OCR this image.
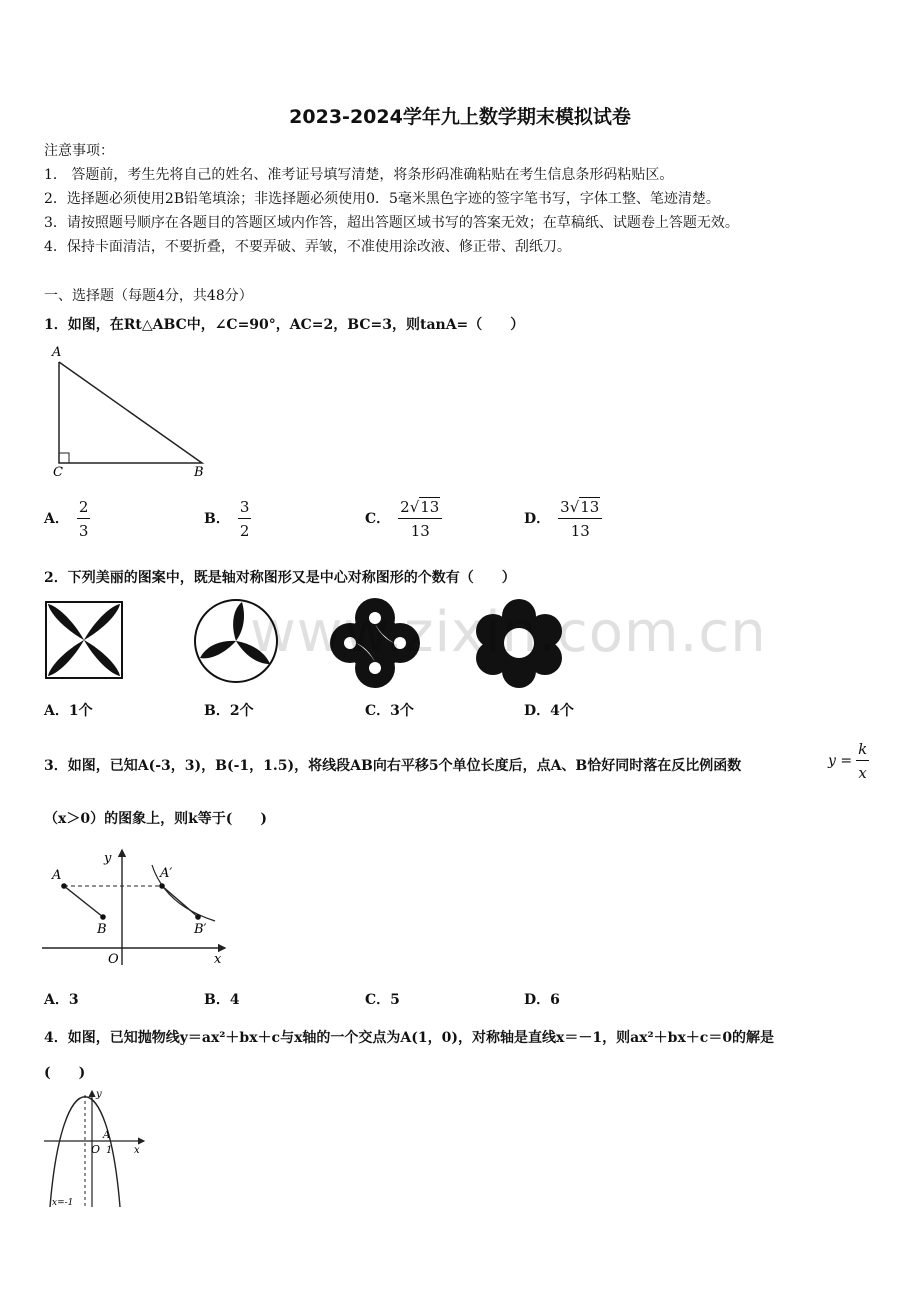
2023-2024学年九上数学期末模拟试卷
注意事项：
1． 答题前，考生先将自己的姓名、准考证号填写清楚，将条形码准确粘贴在考生信息条形码粘贴区。
2．选择题必须使用2B铅笔填涂；非选择题必须使用0．5毫米黑色字迹的签字笔书写，字体工整、笔迹清楚。
3．请按照题号顺序在各题目的答题区域内作答，超出答题区域书写的答案无效；在草稿纸、试题卷上答题无效。
4．保持卡面清洁，不要折叠，不要弄破、弄皱，不准使用涂改液、修正带、刮纸刀。
一、选择题（每题4分，共48分）
1．如图，在Rt△ABC中，∠C=90°，AC=2，BC=3，则tanA=（　　）
A
C	B
A． $\frac{2}{3}$	B． $\frac{3}{2}$	C． $\frac{2√13}{13}$	D． $\frac{3√13}{13}$
2．下列美丽的图案中，既是轴对称图形又是中心对称图形的个数有（　　）
www.zixin.com.cn
A．1个	B．2个	C．3个	D．4个
3．如图，已知A(-3，3)，B(-1，1.5)，将线段AB向右平移5个单位长度后，点A、B恰好同时落在反比例函数	$y = \frac{k}{x}$
（x＞0）的图象上，则k等于(　　)
y
A	A′
B	B′
O	x
A．3	B．4	C．5	D．6
4．如图，已知抛物线y＝ax²＋bx＋c与x轴的一个交点为A(1，0)，对称轴是直线x＝－1，则ax²＋bx＋c＝0的解是
(　　)
y
A
O 1 x
x=-1
